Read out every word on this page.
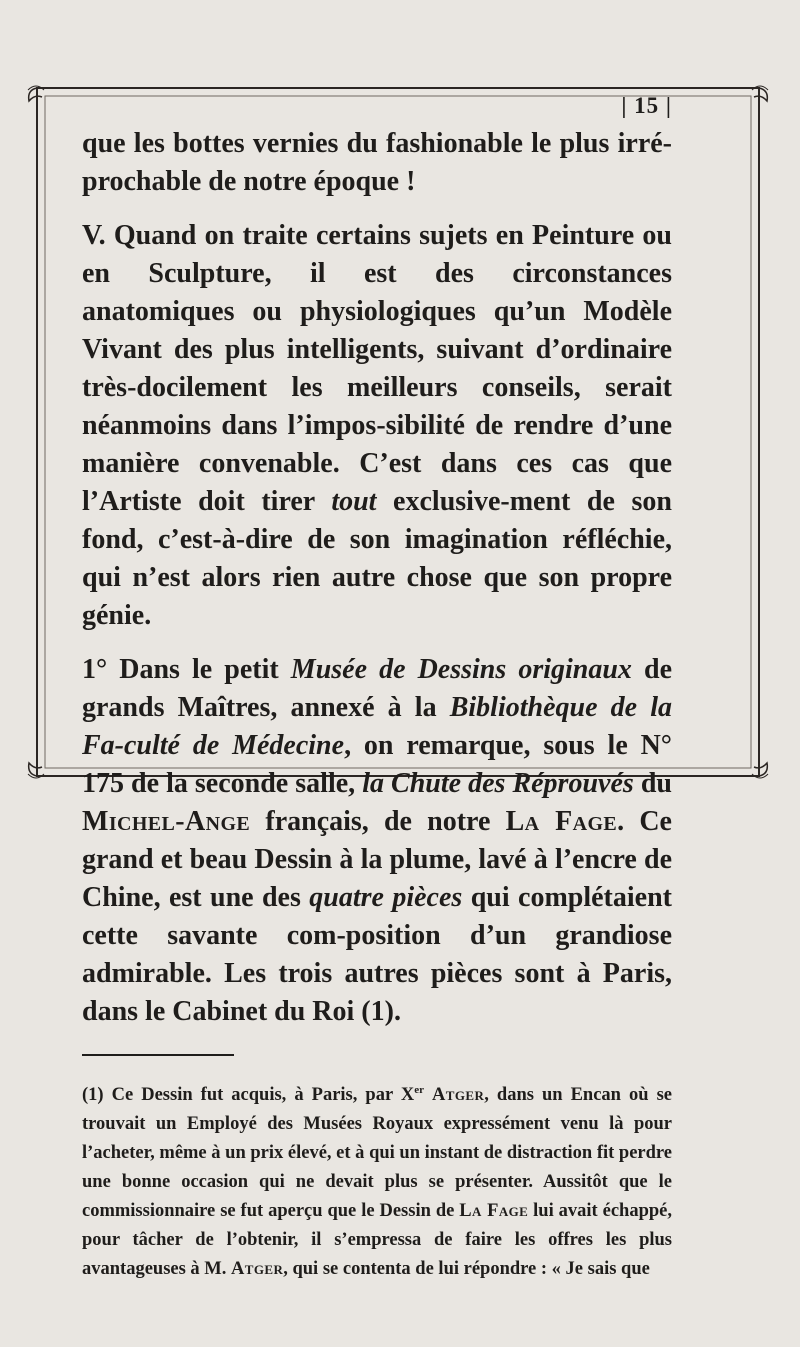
| 15 |

que les bottes vernies du fashionable le plus irré-prochable de notre époque !

V. Quand on traite certains sujets en Peinture ou en Sculpture, il est des circonstances anatomiques ou physiologiques qu’un Modèle Vivant des plus intelligents, suivant d’ordinaire très-docilement les meilleurs conseils, serait néanmoins dans l’impos-sibilité de rendre d’une manière convenable. C’est dans ces cas que l’Artiste doit tirer tout exclusive-ment de son fond, c’est-à-dire de son imagination réfléchie, qui n’est alors rien autre chose que son propre génie.

1° Dans le petit Musée de Dessins originaux de grands Maîtres, annexé à la Bibliothèque de la Fa-culté de Médecine, on remarque, sous le N° 175 de la seconde salle, la Chute des Réprouvés du Michel-Ange français, de notre La Fage. Ce grand et beau Dessin à la plume, lavé à l’encre de Chine, est une des quatre pièces qui complétaient cette savante com-position d’un grandiose admirable. Les trois autres pièces sont à Paris, dans le Cabinet du Roi (1).

(1) Ce Dessin fut acquis, à Paris, par Xer Atger, dans un Encan où se trouvait un Employé des Musées Royaux expressément venu là pour l’acheter, même à un prix élevé, et à qui un instant de distraction fit perdre une bonne occasion qui ne devait plus se présenter. Aussitôt que le commissionnaire se fut aperçu que le Dessin de La Fage lui avait échappé, pour tâcher de l’obtenir, il s’empressa de faire les offres les plus avantageuses à M. Atger, qui se contenta de lui répondre : « Je sais que
